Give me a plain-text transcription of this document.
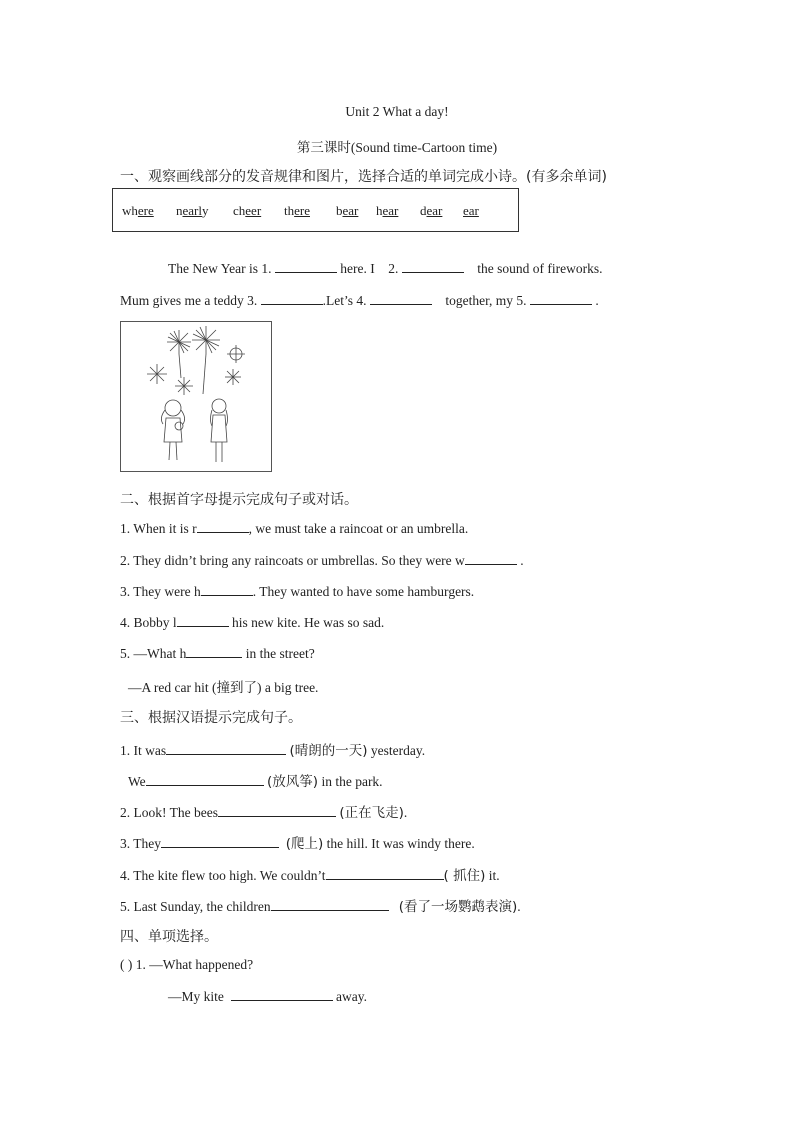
Unit 2 What a day!
第三课时(Sound time-Cartoon time)
一、观察画线部分的发音规律和图片，选择合适的单词完成小诗。(有多余单词)
where nearly cheer there bear hear dear ear
The New Year is 1.	here. I 2.	the sound of fireworks.
Mum gives me a teddy 3.	.Let’s 4.	together, my 5.	.
二、根据首字母提示完成句子或对话。
1. When it is r	, we must take a raincoat or an umbrella.
2. They didn’t bring any raincoats or umbrellas. So they were w	.
3. They were h	. They wanted to have some hamburgers.
4. Bobby l	his new kite. He was so sad.
5. —What h	in the street?
—A red car hit (撞到了) a big tree.
三、根据汉语提示完成句子。
1. It was	(晴朗的一天) yesterday.
We	(放风筝) in the park.
2. Look! The bees	(正在飞走).
3. They	(爬上) the hill. It was windy there.
4. The kite flew too high. We couldn’t	( 抓住) it.
5. Last Sunday, the children	(看了一场鹦鹉表演).
四、单项选择。
( ) 1. —What happened?
—My kite	away.
